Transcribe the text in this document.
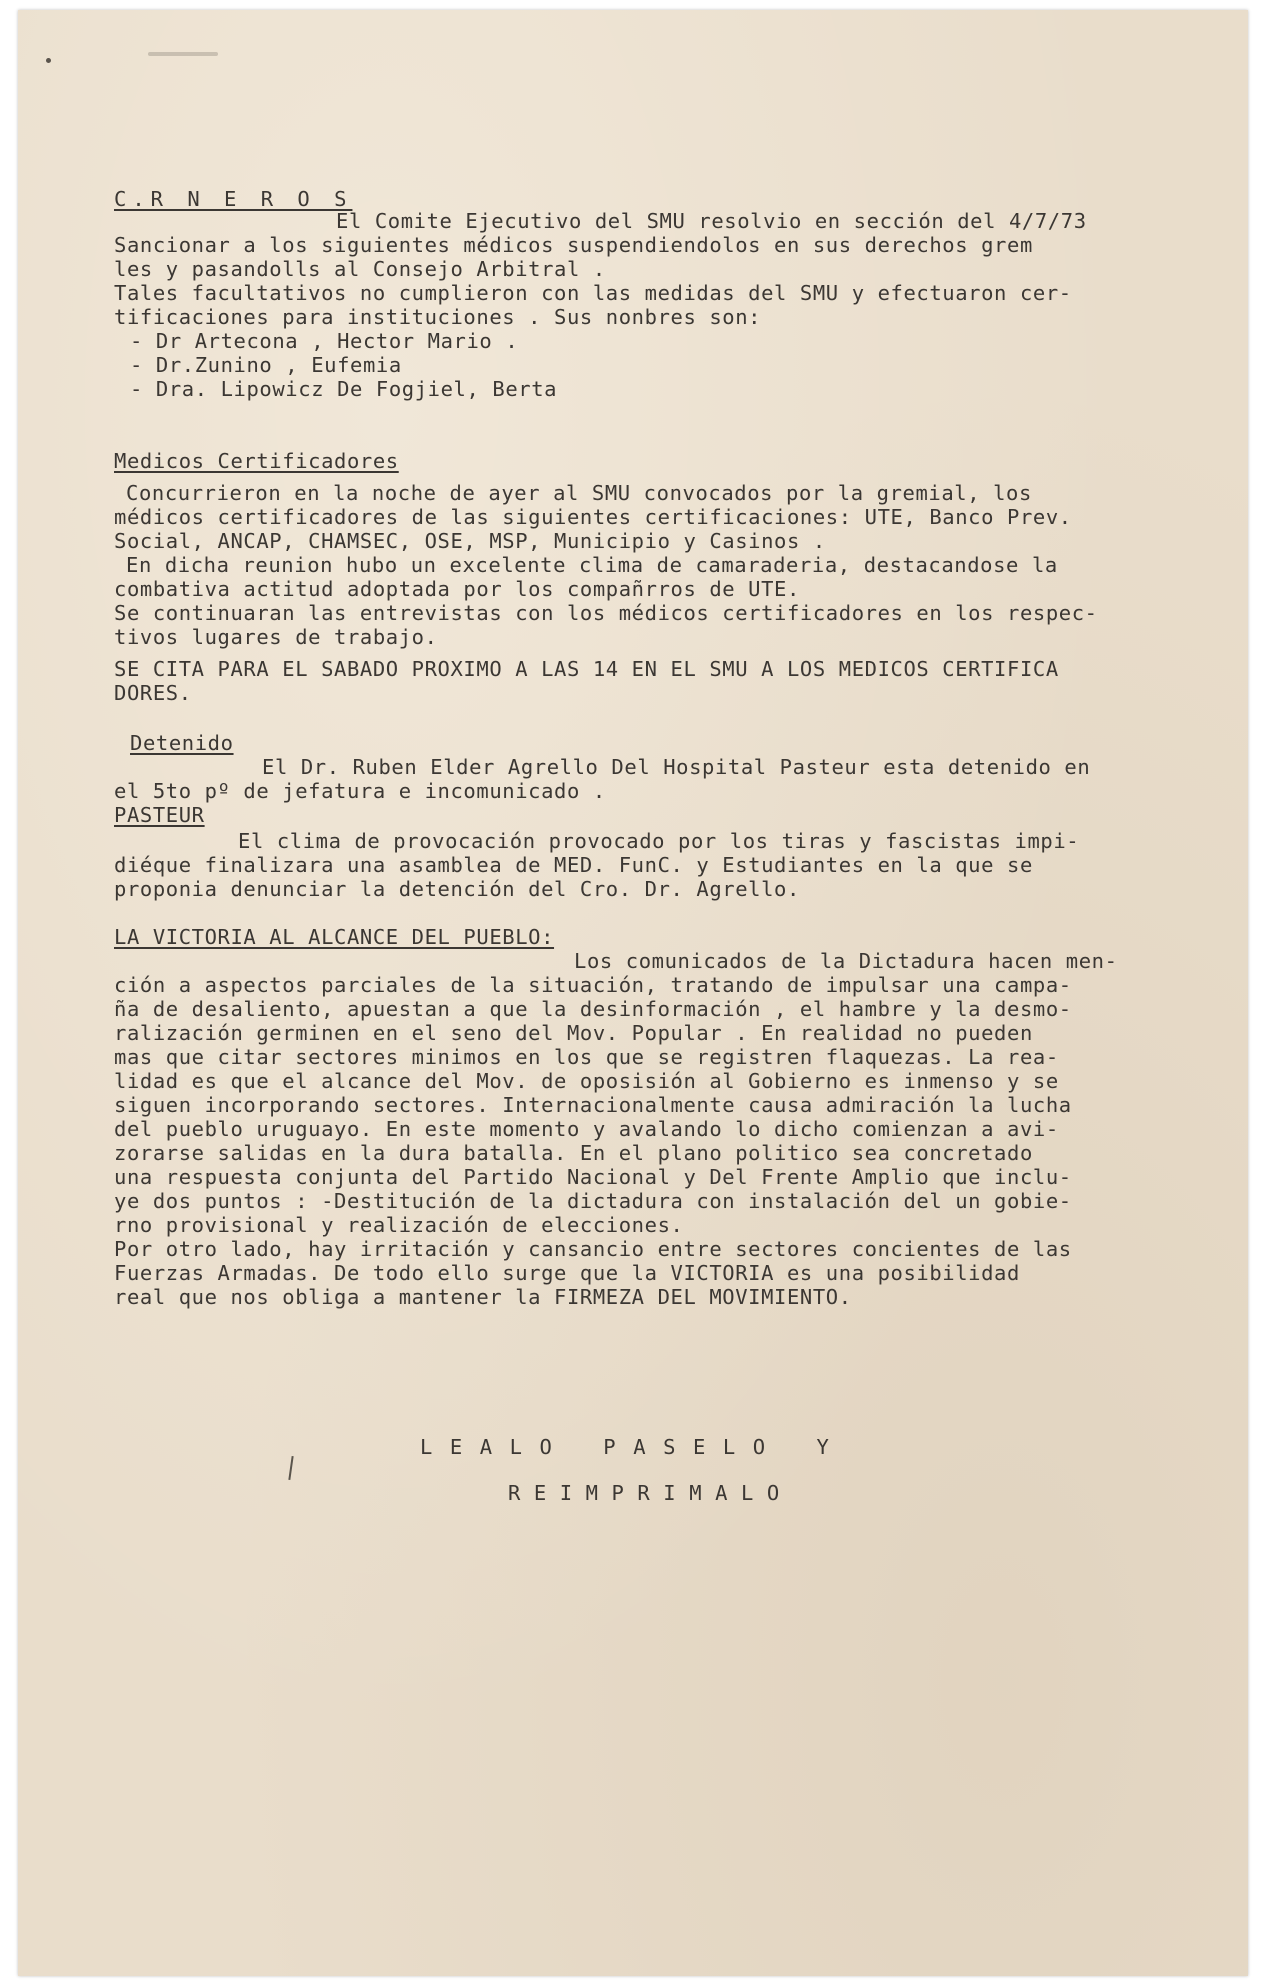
C.R N E R O S

El Comite Ejecutivo del SMU resolvio en sección del 4/7/73

Sancionar a los siguientes médicos suspendiendolos en sus derechos grem

les y pasandolls al Consejo Arbitral .

Tales facultativos no cumplieron con las medidas del SMU y efectuaron cer-

tificaciones para instituciones . Sus nonbres son:

- Dr Artecona , Hector Mario .

- Dr.Zunino , Eufemia

- Dra. Lipowicz De Fogjiel, Berta

Medicos Certificadores

Concurrieron en la noche de ayer al SMU convocados por la gremial, los

médicos certificadores de las siguientes certificaciones: UTE, Banco Prev.

Social, ANCAP, CHAMSEC, OSE, MSP, Municipio y Casinos .

En dicha reunion hubo un excelente clima de camaraderia, destacandose la

combativa actitud adoptada por los compañrros de UTE.

Se continuaran las entrevistas con los médicos certificadores en los respec-

tivos lugares de trabajo.

SE CITA PARA EL SABADO PROXIMO A LAS 14 EN EL SMU A LOS MEDICOS CERTIFICA

DORES.

Detenido

El Dr. Ruben Elder Agrello Del Hospital Pasteur esta detenido en

el 5to pº de jefatura e incomunicado .

PASTEUR

El clima de provocación provocado por los tiras y fascistas impi-

diéque finalizara una asamblea de MED. FunC. y Estudiantes en la que se

proponia denunciar la detención del Cro. Dr. Agrello.

LA VICTORIA AL ALCANCE DEL PUEBLO:

Los comunicados de la Dictadura hacen men-

ción a aspectos parciales de la situación, tratando de impulsar una campa-

ña de desaliento, apuestan a que la desinformación , el hambre y la desmo-

ralización germinen en el seno del Mov. Popular . En realidad no pueden

mas que citar sectores minimos en los que se registren flaquezas. La rea-

lidad es que el alcance del Mov. de oposisión al Gobierno es inmenso y se

siguen incorporando sectores. Internacionalmente causa admiración la lucha

del pueblo uruguayo. En este momento y avalando lo dicho comienzan a avi-

zorarse salidas en la dura batalla. En el plano politico sea concretado

una respuesta conjunta del Partido Nacional y Del Frente Amplio que inclu-

ye dos puntos : -Destitución de la dictadura con instalación del un gobie-

rno provisional y realización de elecciones.

Por otro lado, hay irritación y cansancio entre sectores concientes de las

Fuerzas Armadas. De todo ello surge que la VICTORIA es una posibilidad

real que nos obliga a mantener la FIRMEZA DEL MOVIMIENTO.

L E A L O   P A S E L O   Y

R E I M P R I M A L O
